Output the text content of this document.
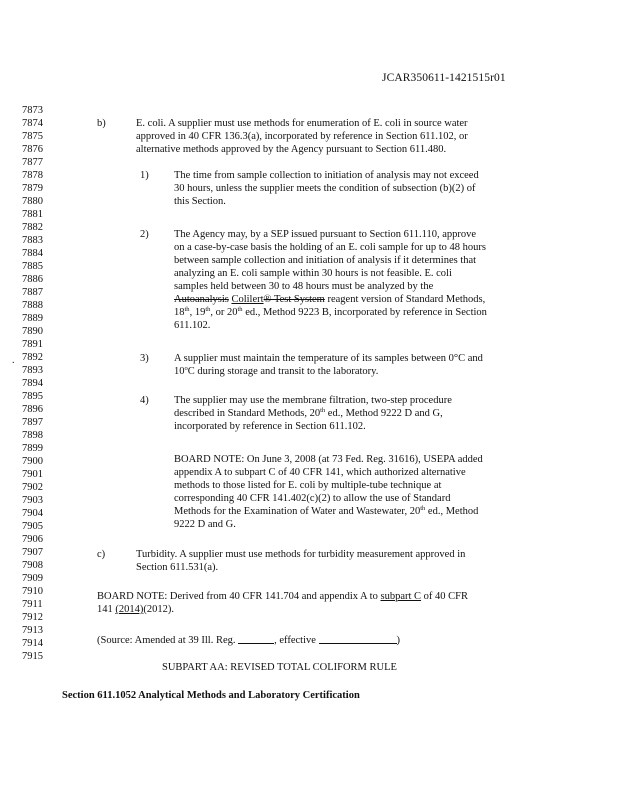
JCAR350611-1421515r01
7873
7874
7875
7876
7877
7878
7879
7880
7881
7882
7883
7884
7885
7886
7887
7888
7889
7890
7891
7892
7893
7894
7895
7896
7897
7898
7899
7900
7901
7902
7903
7904
7905
7906
7907
7908
7909
7910
7911
7912
7913
7914
7915
.
b)	E. coli. A supplier must use methods for enumeration of E. coli in source water
approved in 40 CFR 136.3(a), incorporated by reference in Section 611.102, or
alternative methods approved by the Agency pursuant to Section 611.480.
1) The time from sample collection to initiation of analysis may not exceed
30 hours, unless the supplier meets the condition of subsection (b)(2) of
this Section.
2) The Agency may, by a SEP issued pursuant to Section 611.110, approve
on a case-by-case basis the holding of an E. coli sample for up to 48 hours
between sample collection and initiation of analysis if it determines that
analyzing an E. coli sample within 30 hours is not feasible. E. coli
samples held between 30 to 48 hours must be analyzed by the
Autoanalysis Colilert® Test System reagent version of Standard Methods,
18th, 19th, or 20th ed., Method 9223 B, incorporated by reference in Section
611.102.
3) A supplier must maintain the temperature of its samples between 0°C and
10$^o$C during storage and transit to the laboratory.
4) The supplier may use the membrane filtration, two-step procedure
described in Standard Methods, 20th ed., Method 9222 D and G,
incorporated by reference in Section 611.102.
BOARD NOTE: On June 3, 2008 (at 73 Fed. Reg. 31616), USEPA added
appendix A to subpart C of 40 CFR 141, which authorized alternative
methods to those listed for E. coli by multiple-tube technique at
corresponding 40 CFR 141.402(c)(2) to allow the use of Standard
Methods for the Examination of Water and Wastewater, 20th ed., Method
9222 D and G.
c)	Turbidity. A supplier must use methods for turbidity measurement approved in
Section 611.531(a).
BOARD NOTE: Derived from 40 CFR 141.704 and appendix A to subpart C of 40 CFR
141 (2014)(2012).
(Source: Amended at 39 Ill. Reg.	, effective	)
SUBPART AA: REVISED TOTAL COLIFORM RULE
Section 611.1052 Analytical Methods and Laboratory Certification
